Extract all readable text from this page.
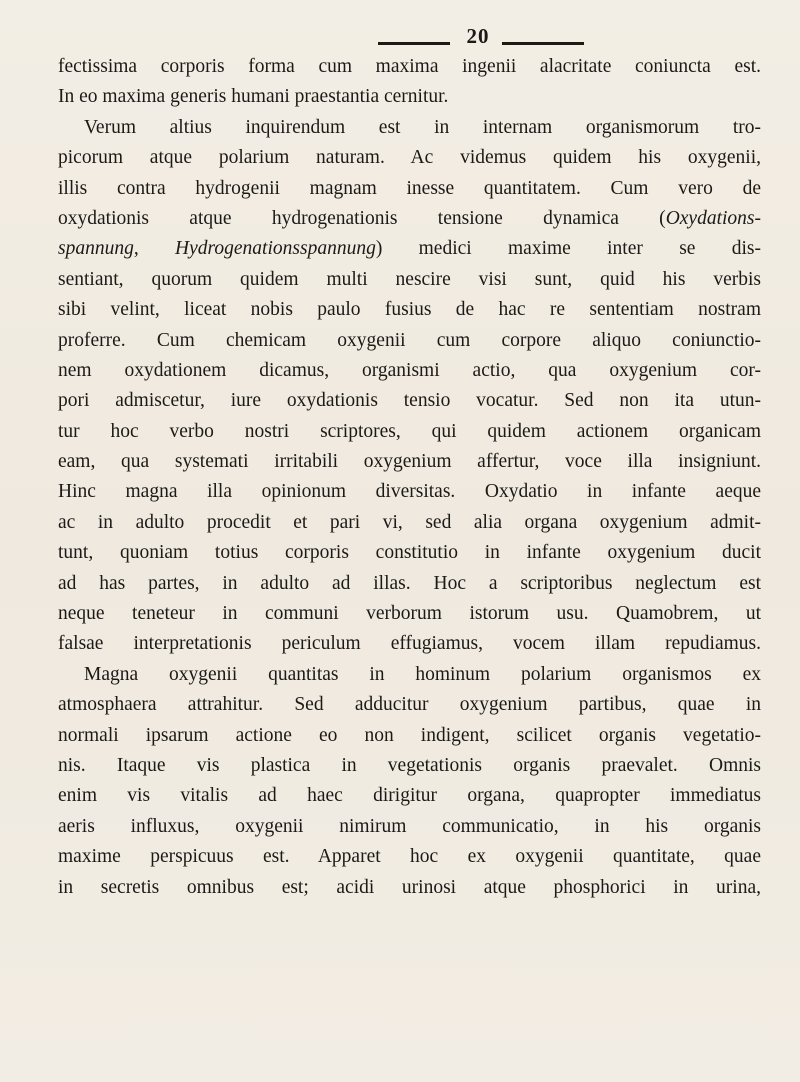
20
fectissima corporis forma cum maxima ingenii alacritate coniuncta est.
In eo maxima generis humani praestantia cernitur.
Verum altius inquirendum est in internam organismorum tro-
picorum atque polarium naturam. Ac videmus quidem his oxygenii,
illis contra hydrogenii magnam inesse quantitatem. Cum vero de
oxydationis atque hydrogenationis tensione dynamica (Oxydations-
spannung, Hydrogenationsspannung) medici maxime inter se dis-
sentiant, quorum quidem multi nescire visi sunt, quid his verbis
sibi velint, liceat nobis paulo fusius de hac re sententiam nostram
proferre. Cum chemicam oxygenii cum corpore aliquo coniunctio-
nem oxydationem dicamus, organismi actio, qua oxygenium cor-
pori admiscetur, iure oxydationis tensio vocatur. Sed non ita utun-
tur hoc verbo nostri scriptores, qui quidem actionem organicam
eam, qua systemati irritabili oxygenium affertur, voce illa insigniunt.
Hinc magna illa opinionum diversitas. Oxydatio in infante aeque
ac in adulto procedit et pari vi, sed alia organa oxygenium admit-
tunt, quoniam totius corporis constitutio in infante oxygenium ducit
ad has partes, in adulto ad illas. Hoc a scriptoribus neglectum est
neque teneteur in communi verborum istorum usu. Quamobrem, ut
falsae interpretationis periculum effugiamus, vocem illam repudiamus.
Magna oxygenii quantitas in hominum polarium organismos ex
atmosphaera attrahitur. Sed adducitur oxygenium partibus, quae in
normali ipsarum actione eo non indigent, scilicet organis vegetatio-
nis. Itaque vis plastica in vegetationis organis praevalet. Omnis
enim vis vitalis ad haec dirigitur organa, quapropter immediatus
aeris influxus, oxygenii nimirum communicatio, in his organis
maxime perspicuus est. Apparet hoc ex oxygenii quantitate, quae
in secretis omnibus est; acidi urinosi atque phosphorici in urina,
